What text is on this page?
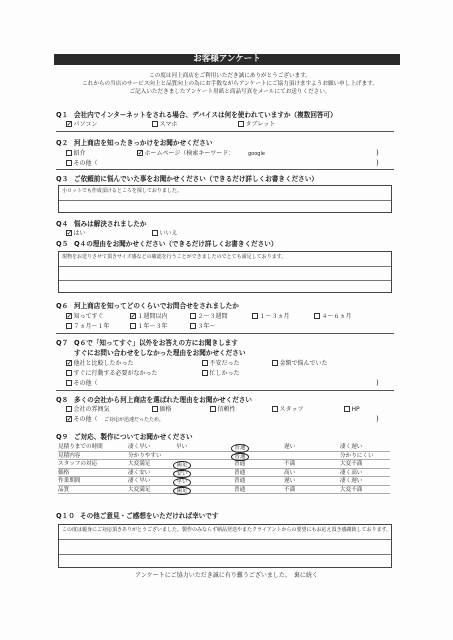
お客様アンケート
この度は河上商店をご利用いただき誠にありがとうございます。
これからの当店のサービス向上と品質向上の為にお手数ながらアンケートにご協力頂けますようお願い申し上げます。
ご記入いただきましたアンケート用紙と商品写真をメールにてお送りください。
Q１ 会社内でインターネットをされる場合、デバイスは何を使われていますか（複数回答可）
✓パソコン	スマホ	タブレット
Q２ 河上商店を知ったきっかけをお聞かせください
紹介 ✓	ホームページ（検索キーワード：	google	)
その他（	)
Q３ ご依頼前に悩んでいた事をお聞かせください（できるだけ詳しくお書きください）
小ロットでも作成頂けるところを探しておりました。
Q４ 悩みは解決されましたか
✓はい	いいえ
Q５ Q４の理由をお聞かせください（できるだけ詳しくお書きください）
現物をお送りさせて頂きサイズ感などの確認を行うことができましたのでとても満足しております。
Q６ 河上商店を知ってどのくらいでお問合せをされましたか
✓知ってすぐ ✓	１週間以内	２～３週間	１～３ヵ月	４～６ヵ月
７ヵ月～１年	１年～３年	３年～
Q７ Q６で「知ってすぐ」以外をお答えの方にお聞きします
すぐにお問い合わせをしなかった理由をお聞かせください
✓他社と比較したかった	不安だった	金額で悩んでいた
すぐに行動する必要がなかった	忙しかった
その他（	)
Q８ 多くの会社から河上商店を選ばれた理由をお聞かせください
会社の雰囲気	価格	信頼性	スタッフ	HP
✓その他（ ご対応が迅速だったため。	)
Q９ ご対応、製作についてお聞かせください
見積りまでの時間	凄く早い	早い	普通	遅い	凄く遅い
見積内容	分かりやすい	普通	分かりにくい
スタッフの対応	大変満足	満足	普通	不満	大変不満
価格	凄く安い	安い	普通	高い	凄く高い
作業期間	凄く早い	早い	普通	遅い	凄く遅い
品質	大変満足	満足	普通	不満	大変不満
Q１０ その他ご意見・ご感想をいただければ幸いです
この度は親身にご対応頂きありがとうございました。製作のみならず納品発送やまたクライアントからの要望にもお応え頂き感謝致しております。
アンケートにご協力いただき誠に有り難うございました。　裏に続く
